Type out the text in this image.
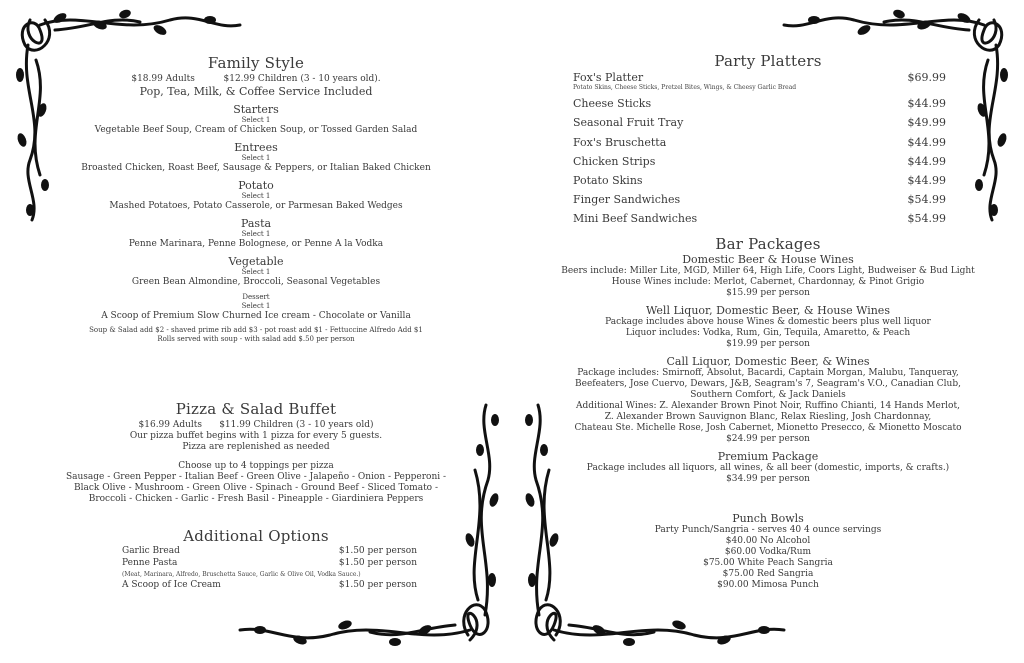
Family Style
$18.99 Adults          $12.99 Children (3 - 10 years old).
Pop, Tea, Milk, & Coffee Service Included
Starters
Select 1
Vegetable Beef Soup, Cream of Chicken Soup, or Tossed Garden Salad
Entrees
Select 1
Broasted Chicken, Roast Beef, Sausage & Peppers, or Italian Baked Chicken
Potato
Select 1
Mashed Potatoes, Potato Casserole, or Parmesan Baked Wedges
Pasta
Select 1
Penne Marinara, Penne Bolognese, or Penne A la Vodka
Vegetable
Select 1
Green Bean Almondine, Broccoli, Seasonal Vegetables
Dessert
Select 1
A Scoop of Premium Slow Churned Ice cream - Chocolate or Vanilla
Soup & Salad add $2 - shaved prime rib add $3 - pot roast add $1 - Fettuccine Alfredo Add $1
Rolls served with soup - with salad add $.50 per person
Pizza & Salad Buffet
$16.99 Adults      $11.99 Children (3 - 10 years old)
Our pizza buffet begins with 1 pizza for every 5 guests.
Pizza are replenished as needed
Choose up to 4 toppings per pizza
Sausage - Green Pepper - Italian Beef - Green Olive - Jalapeño - Onion - Pepperoni -
Black Olive - Mushroom - Green Olive - Spinach - Ground Beef - Sliced Tomato -
Broccoli - Chicken - Garlic - Fresh Basil - Pineapple - Giardiniera Peppers
Additional Options
Garlic Bread	$1.50 per person
Penne Pasta	$1.50 per person
(Meat, Marinara, Alfredo, Bruschetta Sauce, Garlic & Olive Oil, Vodka Sauce.)
A Scoop of Ice Cream	$1.50 per person
Party Platters
Fox's Platter	$69.99
Potato Skins, Cheese Sticks, Pretzel Bites, Wings, & Cheesy Garlic Bread
Cheese Sticks	$44.99
Seasonal Fruit Tray	$49.99
Fox's Bruschetta	$44.99
Chicken Strips	$44.99
Potato Skins	$44.99
Finger Sandwiches	$54.99
Mini Beef Sandwiches	$54.99
Bar Packages
Domestic Beer & House Wines
Beers include: Miller Lite, MGD, Miller 64, High Life, Coors Light, Budweiser & Bud Light
House Wines include: Merlot, Cabernet, Chardonnay, & Pinot Grigio
$15.99 per person
Well Liquor, Domestic Beer, & House Wines
Package includes above house Wines & domestic beers plus well liquor
Liquor includes: Vodka, Rum, Gin, Tequila, Amaretto, & Peach
$19.99 per person
Call Liquor, Domestic Beer, & Wines
Package includes: Smirnoff, Absolut, Bacardi, Captain Morgan, Malubu, Tanqueray,
Beefeaters, Jose Cuervo, Dewars, J&B, Seagram's 7, Seagram's V.O., Canadian Club,
Southern Comfort, & Jack Daniels
Additional Wines: Z. Alexander Brown Pinot Noir, Ruffino Chianti, 14 Hands Merlot,
Z. Alexander Brown Sauvignon Blanc, Relax Riesling, Josh Chardonnay,
Chateau Ste. Michelle Rose, Josh Cabernet, Mionetto Presecco, & Mionetto Moscato
$24.99 per person
Premium Package
Package includes all liquors, all wines, & all beer (domestic, imports, & crafts.)
$34.99 per person
Punch Bowls
Party Punch/Sangria - serves 40 4 ounce servings
$40.00 No Alcohol
$60.00 Vodka/Rum
$75.00 White Peach Sangria
$75.00 Red Sangria
$90.00 Mimosa Punch
